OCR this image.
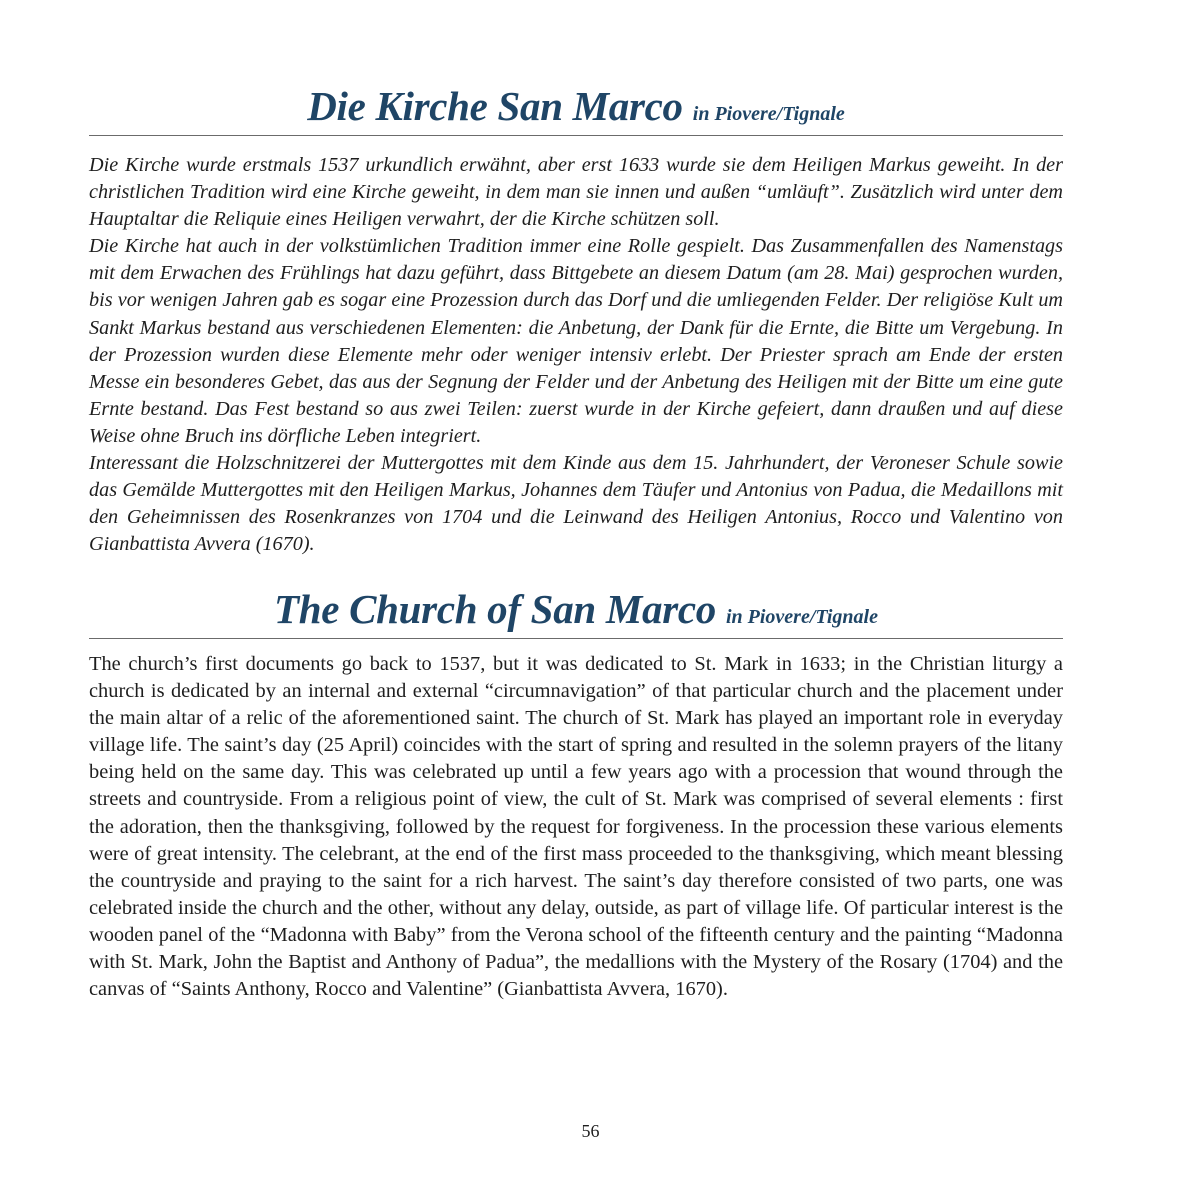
Die Kirche San Marco in Piovere/Tignale

Die Kirche wurde erstmals 1537 urkundlich erwähnt, aber erst 1633 wurde sie dem Heiligen Markus geweiht. In der christlichen Tradition wird eine Kirche geweiht, in dem man sie innen und außen “umläuft”. Zusätzlich wird unter dem Hauptaltar die Reliquie eines Heiligen verwahrt, der die Kirche schützen soll.

Die Kirche hat auch in der volkstümlichen Tradition immer eine Rolle gespielt. Das Zusammenfallen des Namenstags mit dem Erwachen des Frühlings hat dazu geführt, dass Bittgebete an diesem Datum (am 28. Mai) gesprochen wurden, bis vor wenigen Jahren gab es sogar eine Prozession durch das Dorf und die umliegenden Felder. Der religiöse Kult um Sankt Markus bestand aus verschiedenen Elementen: die Anbetung, der Dank für die Ernte, die Bitte um Vergebung. In der Prozession wurden diese Elemente mehr oder weniger intensiv erlebt. Der Priester sprach am Ende der ersten Messe ein besonderes Gebet, das aus der Segnung der Felder und der Anbetung des Heiligen mit der Bitte um eine gute Ernte bestand. Das Fest bestand so aus zwei Teilen: zuerst wurde in der Kirche gefeiert, dann draußen und auf diese Weise ohne Bruch ins dörfliche Leben integriert.

Interessant die Holzschnitzerei der Muttergottes mit dem Kinde aus dem 15. Jahrhundert, der Veroneser Schule sowie das Gemälde Muttergottes mit den Heiligen Markus, Johannes dem Täufer und Antonius von Padua, die Medaillons mit den Geheimnissen des Rosenkranzes von 1704 und die Leinwand des Heiligen Antonius, Rocco und Valentino von Gianbattista Avvera (1670).

The Church of San Marco in Piovere/Tignale

The church’s first documents go back to 1537, but it was dedicated to St. Mark in 1633; in the Christian liturgy a church is dedicated by an internal and external “circumnavigation” of that particular church and the placement under the main altar of a relic of the aforementioned saint. The church of St. Mark has played an important role in everyday village life. The saint’s day (25 April) coincides with the start of spring and resulted in the solemn prayers of the litany being held on the same day. This was celebrated up until a few years ago with a procession that wound through the streets and countryside. From a religious point of view, the cult of St. Mark was comprised of several elements : first the adoration, then the thanksgiving, followed by the request for forgiveness. In the procession these various elements were of great intensity. The celebrant, at the end of the first mass proceeded to the thanksgiving, which meant blessing the countryside and praying to the saint for a rich harvest. The saint’s day therefore consisted of two parts, one was celebrated inside the church and the other, without any delay, outside, as part of village life. Of particular interest is the wooden panel of the “Madonna with Baby” from the Verona school of the fifteenth century and the painting “Madonna with St. Mark, John the Baptist and Anthony of Padua”, the medallions with the Mystery of the Rosary (1704) and the canvas of “Saints Anthony, Rocco and Valentine” (Gianbattista Avvera, 1670).

56
